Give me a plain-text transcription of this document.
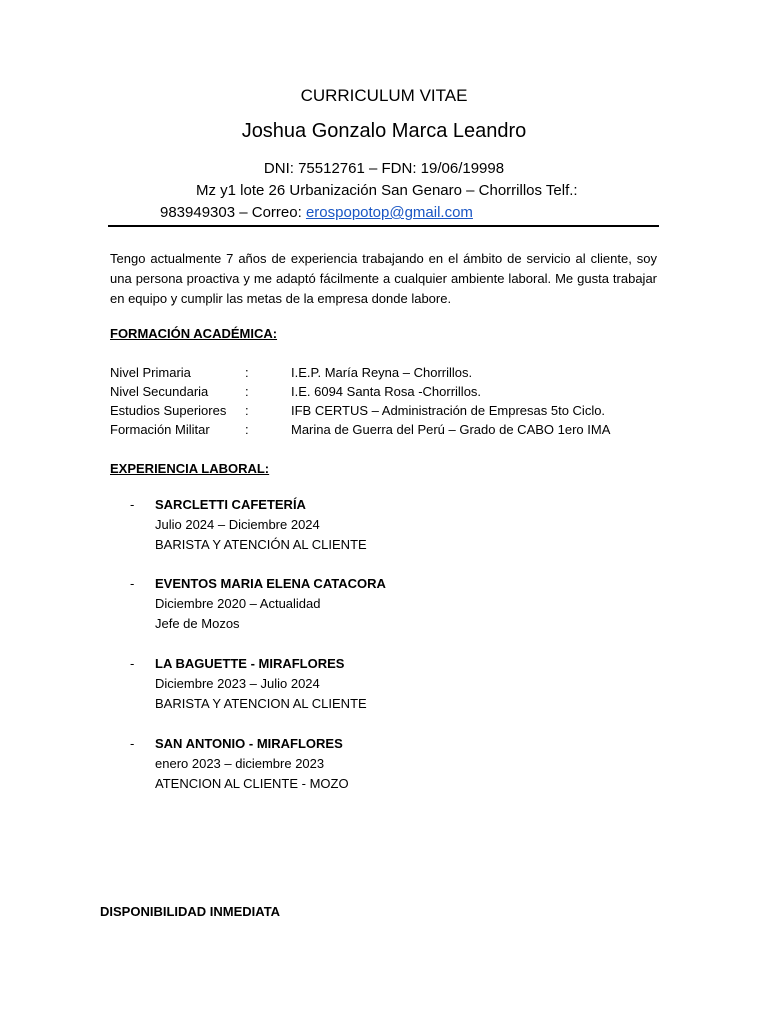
CURRICULUM VITAE
Joshua Gonzalo Marca Leandro
DNI: 75512761 – FDN: 19/06/19998
Mz y1 lote 26 Urbanización San Genaro – Chorrillos Telf.:
983949303 – Correo: erospopotop@gmail.com
Tengo actualmente 7 años de experiencia trabajando en el ámbito de servicio al cliente, soy una persona proactiva y me adaptó fácilmente a cualquier ambiente laboral. Me gusta trabajar en equipo y cumplir las metas de la empresa donde labore.
FORMACIÓN ACADÉMICA:
Nivel Primaria	:	I.E.P. María Reyna – Chorrillos.
Nivel Secundaria	:	I.E. 6094 Santa Rosa -Chorrillos.
Estudios Superiores :	IFB CERTUS – Administración de Empresas 5to Ciclo.
Formación Militar	:	Marina de Guerra del Perú – Grado de CABO 1ero IMA
EXPERIENCIA LABORAL:
- SARCLETTI CAFETERÍA
Julio 2024 – Diciembre 2024
BARISTA Y ATENCIÓN AL CLIENTE
- EVENTOS MARIA ELENA CATACORA
Diciembre 2020 – Actualidad
Jefe de Mozos
- LA BAGUETTE - MIRAFLORES
Diciembre 2023 – Julio 2024
BARISTA Y ATENCION AL CLIENTE
- SAN ANTONIO - MIRAFLORES
enero 2023 – diciembre 2023
ATENCION AL CLIENTE - MOZO
DISPONIBILIDAD INMEDIATA
